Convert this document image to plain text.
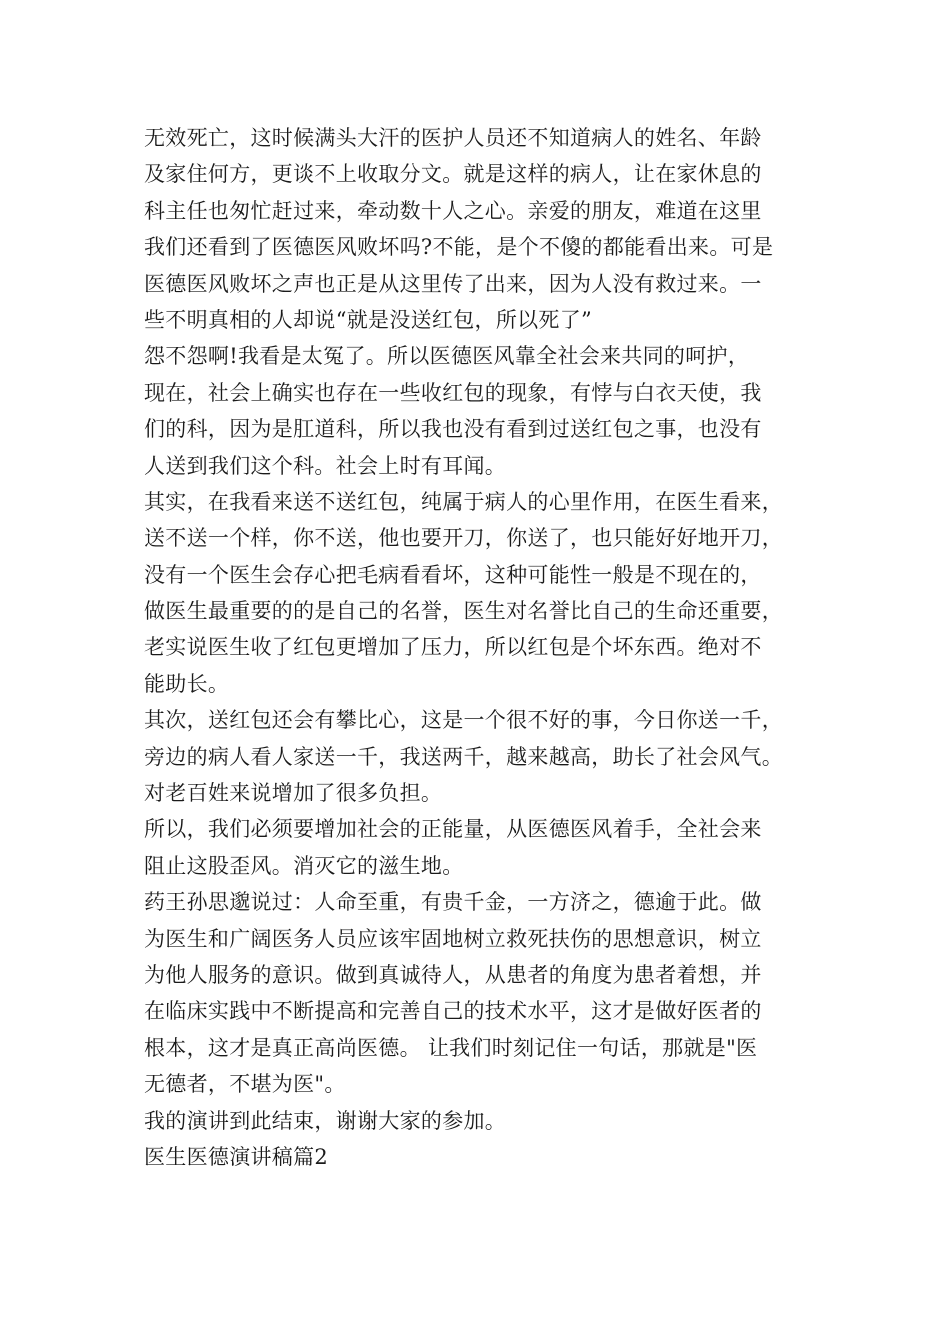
无效死亡，这时候满头大汗的医护人员还不知道病人的姓名、年龄
及家住何方，更谈不上收取分文。就是这样的病人，让在家休息的
科主任也匆忙赶过来，牵动数十人之心。亲爱的朋友，难道在这里
我们还看到了医德医风败坏吗?不能，是个不傻的都能看出来。可是
医德医风败坏之声也正是从这里传了出来，因为人没有救过来。一
些不明真相的人却说“就是没送红包，所以死了”
怨不怨啊!我看是太冤了。所以医德医风靠全社会来共同的呵护，
现在，社会上确实也存在一些收红包的现象，有悖与白衣天使，我
们的科，因为是肛道科，所以我也没有看到过送红包之事，也没有
人送到我们这个科。社会上时有耳闻。
其实，在我看来送不送红包，纯属于病人的心里作用，在医生看来，
送不送一个样，你不送，他也要开刀，你送了，也只能好好地开刀，
没有一个医生会存心把毛病看看坏，这种可能性一般是不现在的，
做医生最重要的的是自己的名誉，医生对名誉比自己的生命还重要，
老实说医生收了红包更增加了压力，所以红包是个坏东西。绝对不
能助长。
其次，送红包还会有攀比心，这是一个很不好的事，今日你送一千，
旁边的病人看人家送一千，我送两千，越来越高，助长了社会风气。
对老百姓来说增加了很多负担。
所以，我们必须要增加社会的正能量，从医德医风着手，全社会来
阻止这股歪风。消灭它的滋生地。
药王孙思邈说过：人命至重，有贵千金，一方济之，德逾于此。做
为医生和广阔医务人员应该牢固地树立救死扶伤的思想意识，树立
为他人服务的意识。做到真诚待人，从患者的角度为患者着想，并
在临床实践中不断提高和完善自己的技术水平，这才是做好医者的
根本，这才是真正高尚医德。 让我们时刻记住一句话，那就是"医
无德者，不堪为医"。
我的演讲到此结束，谢谢大家的参加。
医生医德演讲稿篇2
